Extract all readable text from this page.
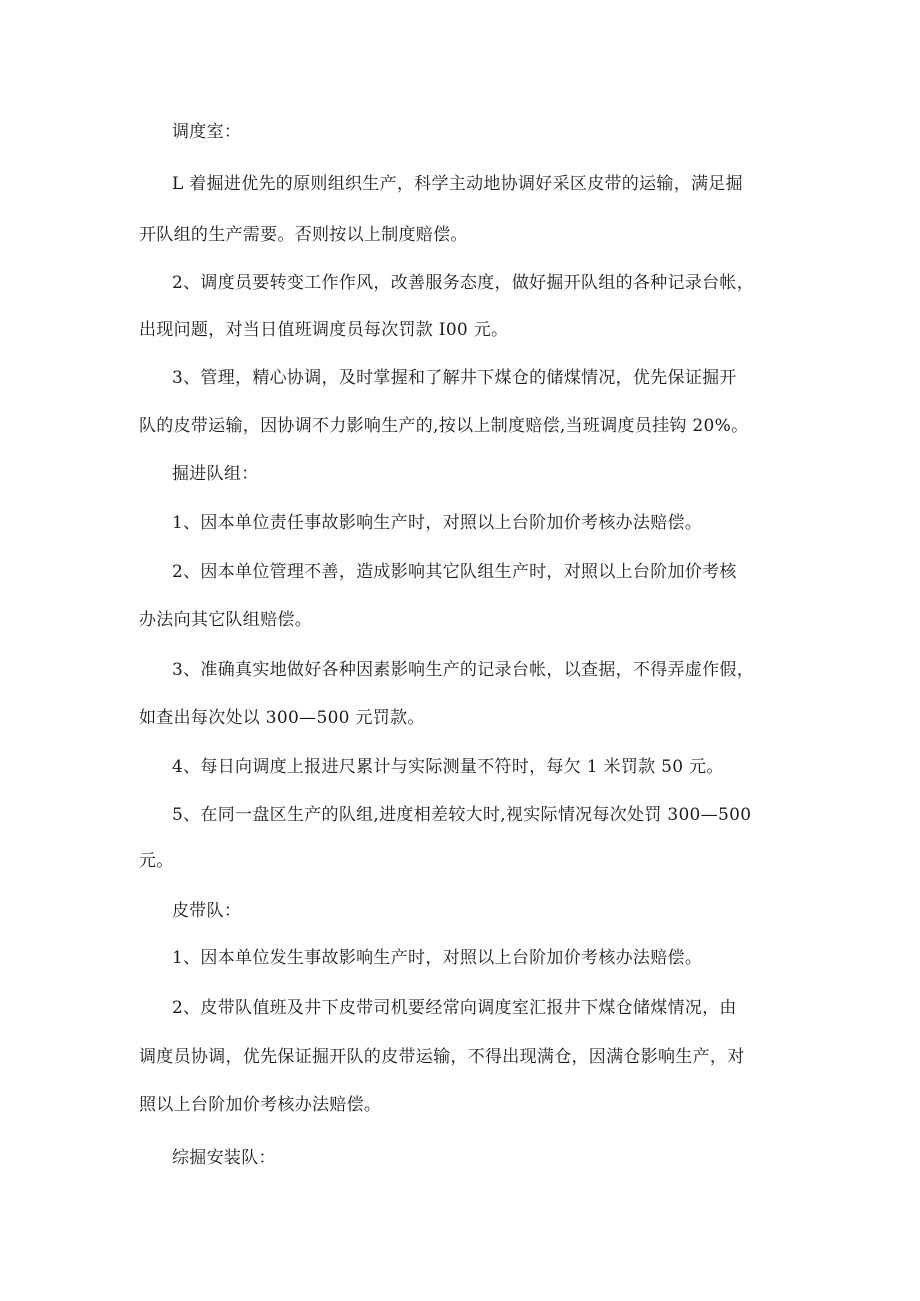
调度室：
L 着掘进优先的原则组织生产，科学主动地协调好采区皮带的运输，满足掘
开队组的生产需要。否则按以上制度赔偿。
2、调度员要转变工作作风，改善服务态度，做好掘开队组的各种记录台帐，
出现问题，对当日值班调度员每次罚款 I00 元。
3、管理，精心协调，及时掌握和了解井下煤仓的储煤情况，优先保证掘开
队的皮带运输，因协调不力影响生产的,按以上制度赔偿,当班调度员挂钩 20%。
掘进队组：
1、因本单位责任事故影响生产时，对照以上台阶加价考核办法赔偿。
2、因本单位管理不善，造成影响其它队组生产时，对照以上台阶加价考核
办法向其它队组赔偿。
3、准确真实地做好各种因素影响生产的记录台帐，以查据，不得弄虚作假，
如查出每次处以 300—500 元罚款。
4、每日向调度上报进尺累计与实际测量不符时，每欠 1 米罚款 50 元。
5、在同一盘区生产的队组,进度相差较大时,视实际情况每次处罚 300—500
元。
皮带队：
1、因本单位发生事故影响生产时，对照以上台阶加价考核办法赔偿。
2、皮带队值班及井下皮带司机要经常向调度室汇报井下煤仓储煤情况，由
调度员协调，优先保证掘开队的皮带运输，不得出现满仓，因满仓影响生产，对
照以上台阶加价考核办法赔偿。
综掘安装队：
